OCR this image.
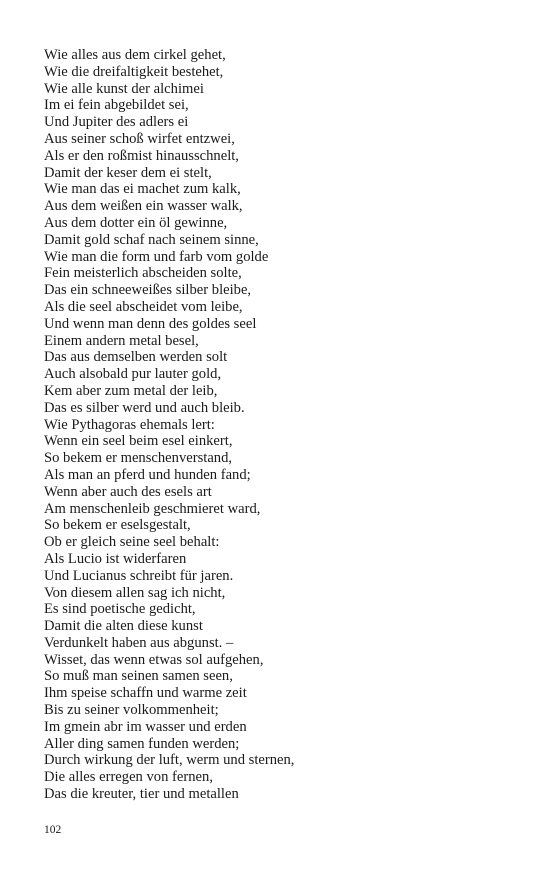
Wie alles aus dem cirkel gehet,
Wie die dreifaltigkeit bestehet,
Wie alle kunst der alchimei
Im ei fein abgebildet sei,
Und Jupiter des adlers ei
Aus seiner schoß wirfet entzwei,
Als er den roßmist hinausschnelt,
Damit der keser dem ei stelt,
Wie man das ei machet zum kalk,
Aus dem weißen ein wasser walk,
Aus dem dotter ein öl gewinne,
Damit gold schaf nach seinem sinne,
Wie man die form und farb vom golde
Fein meisterlich abscheiden solte,
Das ein schneeweißes silber bleibe,
Als die seel abscheidet vom leibe,
Und wenn man denn des goldes seel
Einem andern metal besel,
Das aus demselben werden solt
Auch alsobald pur lauter gold,
Kem aber zum metal der leib,
Das es silber werd und auch bleib.
Wie Pythagoras ehemals lert:
Wenn ein seel beim esel einkert,
So bekem er menschenverstand,
Als man an pferd und hunden fand;
Wenn aber auch des esels art
Am menschenleib geschmieret ward,
So bekem er eselsgestalt,
Ob er gleich seine seel behalt:
Als Lucio ist widerfaren
Und Lucianus schreibt für jaren.
Von diesem allen sag ich nicht,
Es sind poetische gedicht,
Damit die alten diese kunst
Verdunkelt haben aus abgunst. –
Wisset, das wenn etwas sol aufgehen,
So muß man seinen samen seen,
Ihm speise schaffn und warme zeit
Bis zu seiner volkommenheit;
Im gmein abr im wasser und erden
Aller ding samen funden werden;
Durch wirkung der luft, werm und sternen,
Die alles erregen von fernen,
Das die kreuter, tier und metallen
102
